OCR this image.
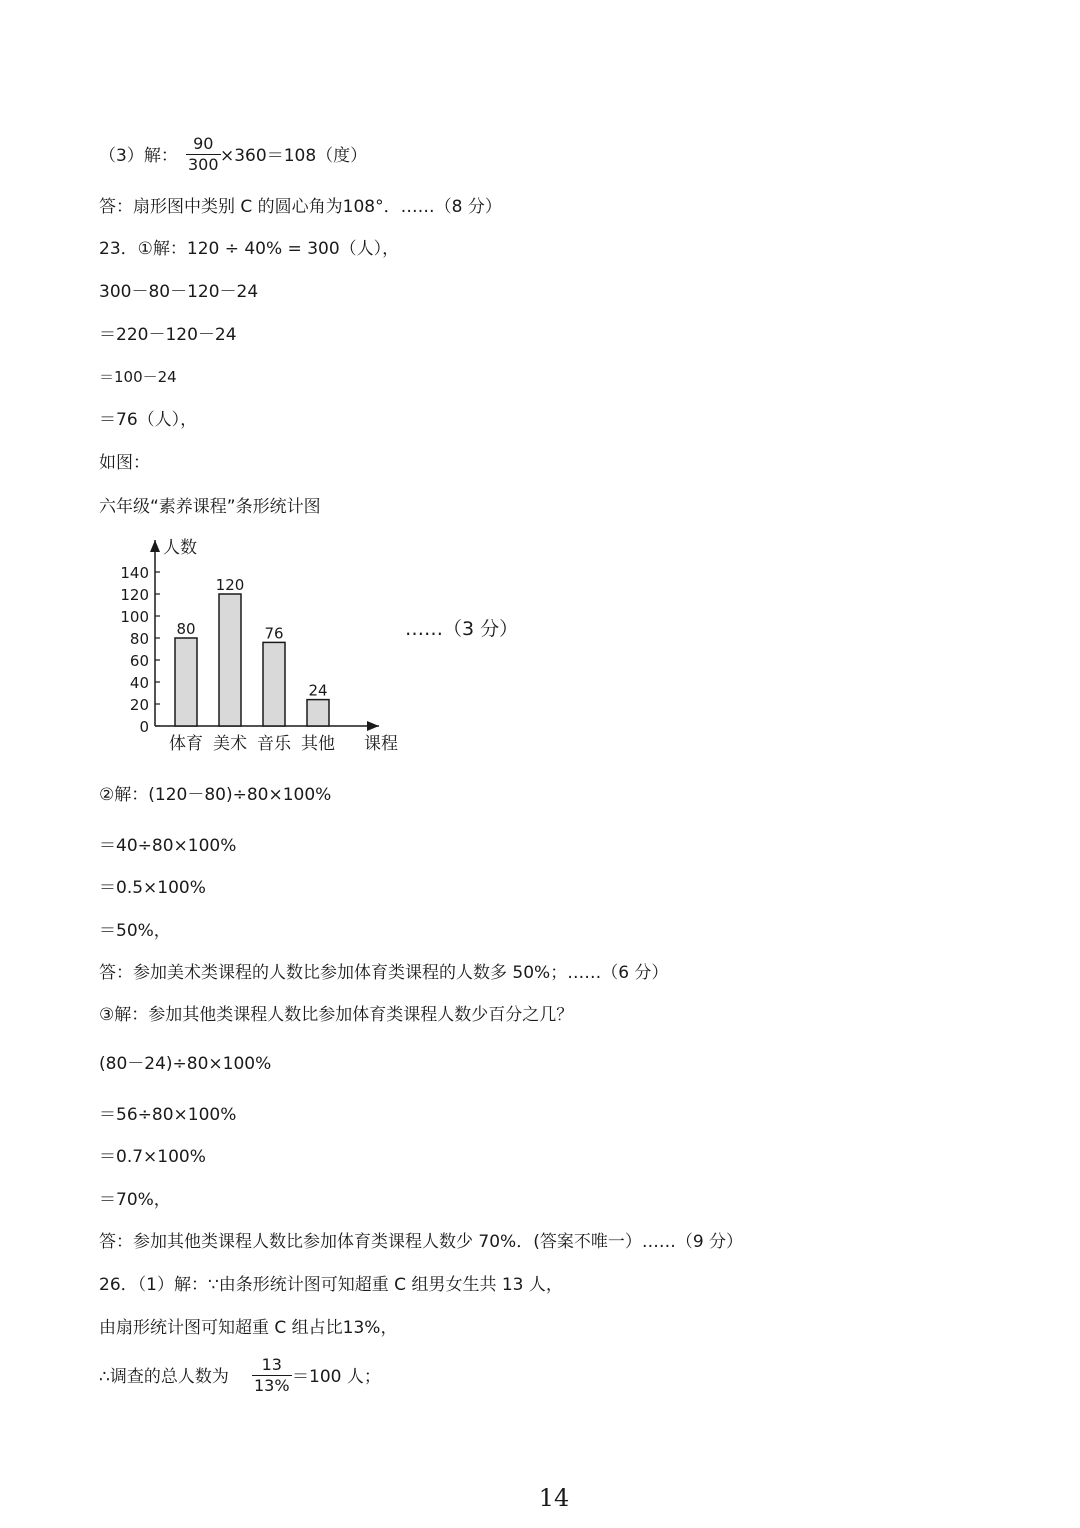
（3）解： $\frac{90}{300} \times 360=108$（度）
答：扇形图中类别 C 的圆心角为108°．……（8 分）
23．①解：120 ÷ 40% = 300（人），
300－80－120－24
＝220－120－24
＝100－24
＝76（人），
如图：
六年级“素养课程”条形统计图
0
20
40
60
80
100
120
140
80
120
76
24
体育 美术 音乐 其他
人数
课程
……（3 分）
②解：(120－80)÷80×100%
＝40÷80×100%
＝0.5×100%
＝50%，
答：参加美术类课程的人数比参加体育类课程的人数多 50%；……（6 分）
③解：参加其他类课程人数比参加体育类课程人数少百分之几？
(80－24)÷80×100%
＝56÷80×100%
＝0.7×100%
＝70%，
答：参加其他类课程人数比参加体育类课程人数少 70%．(答案不唯一）……（9 分）
26．（1）解：∵由条形统计图可知超重 C 组男女生共 13 人，
由扇形统计图可知超重 C 组占比13%，
∴调查的总人数为 $\frac{13}{13\%} =100$ 人；
14
